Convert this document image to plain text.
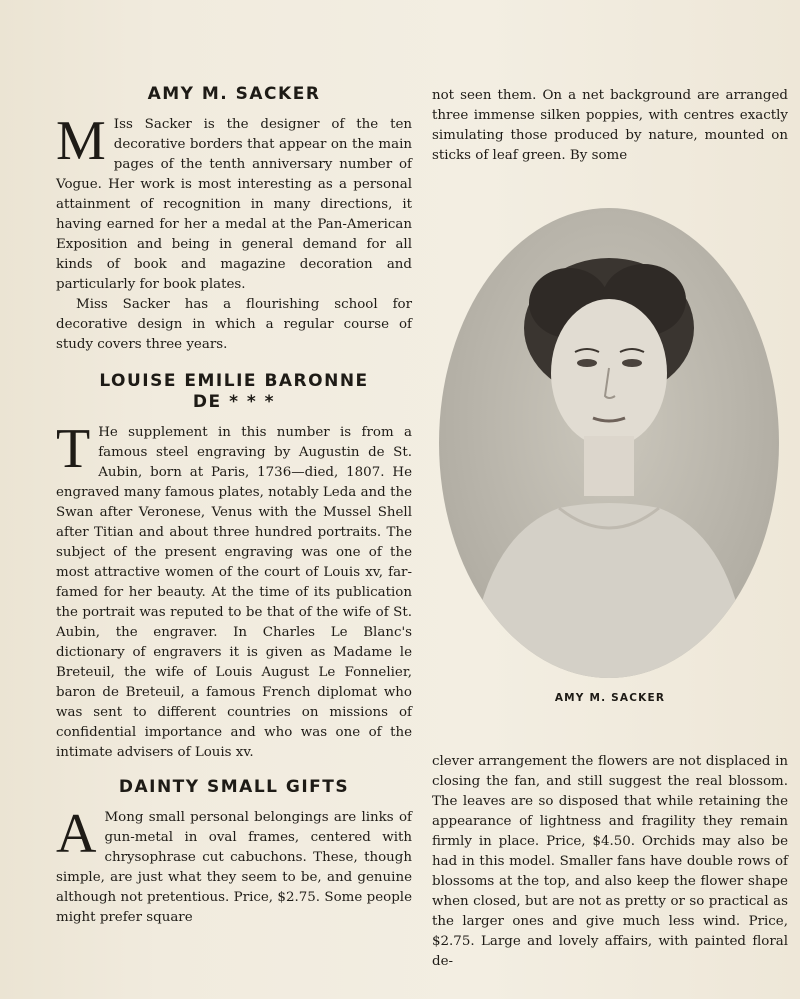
AMY M. SACKER

M Iss Sacker is the designer of the ten decorative borders that appear on the main pages of the tenth anniversary number of Vogue. Her work is most interesting as a personal attainment of recognition in many directions, it having earned for her a medal at the Pan-American Exposition and being in general demand for all kinds of book and magazine decoration and particularly for book plates.

Miss Sacker has a flourishing school for decorative design in which a regular course of study covers three years.

LOUISE EMILIE BARONNE
DE * * *

T He supplement in this number is from a famous steel engraving by Augustin de St. Aubin, born at Paris, 1736—died, 1807. He engraved many famous plates, notably Leda and the Swan after Veronese, Venus with the Mussel Shell after Titian and about three hundred portraits. The subject of the present engraving was one of the most attractive women of the court of Louis xv, far-famed for her beauty. At the time of its publication the portrait was reputed to be that of the wife of St. Aubin, the engraver. In Charles Le Blanc's dictionary of engravers it is given as Madame le Breteuil, the wife of Louis August Le Fonnelier, baron de Breteuil, a famous French diplomat who was sent to different countries on missions of confidential importance and who was one of the intimate advisers of Louis xv.

DAINTY SMALL GIFTS

A Mong small personal belongings are links of gun-metal in oval frames, centered with chrysophrase cut cabuchons. These, though simple, are just what they seem to be, and genuine although not pretentious. Price, $2.75. Some people might prefer square

not seen them. On a net background are arranged three immense silken poppies, with centres exactly simulating those produced by nature, mounted on sticks of leaf green. By some

AMY M. SACKER

clever arrangement the flowers are not displaced in closing the fan, and still suggest the real blossom. The leaves are so disposed that while retaining the appearance of lightness and fragility they remain firmly in place. Price, $4.50. Orchids may also be had in this model. Smaller fans have double rows of blossoms at the top, and also keep the flower shape when closed, but are not as pretty or so practical as the larger ones and give much less wind. Price, $2.75. Large and lovely affairs, with painted floral de-
